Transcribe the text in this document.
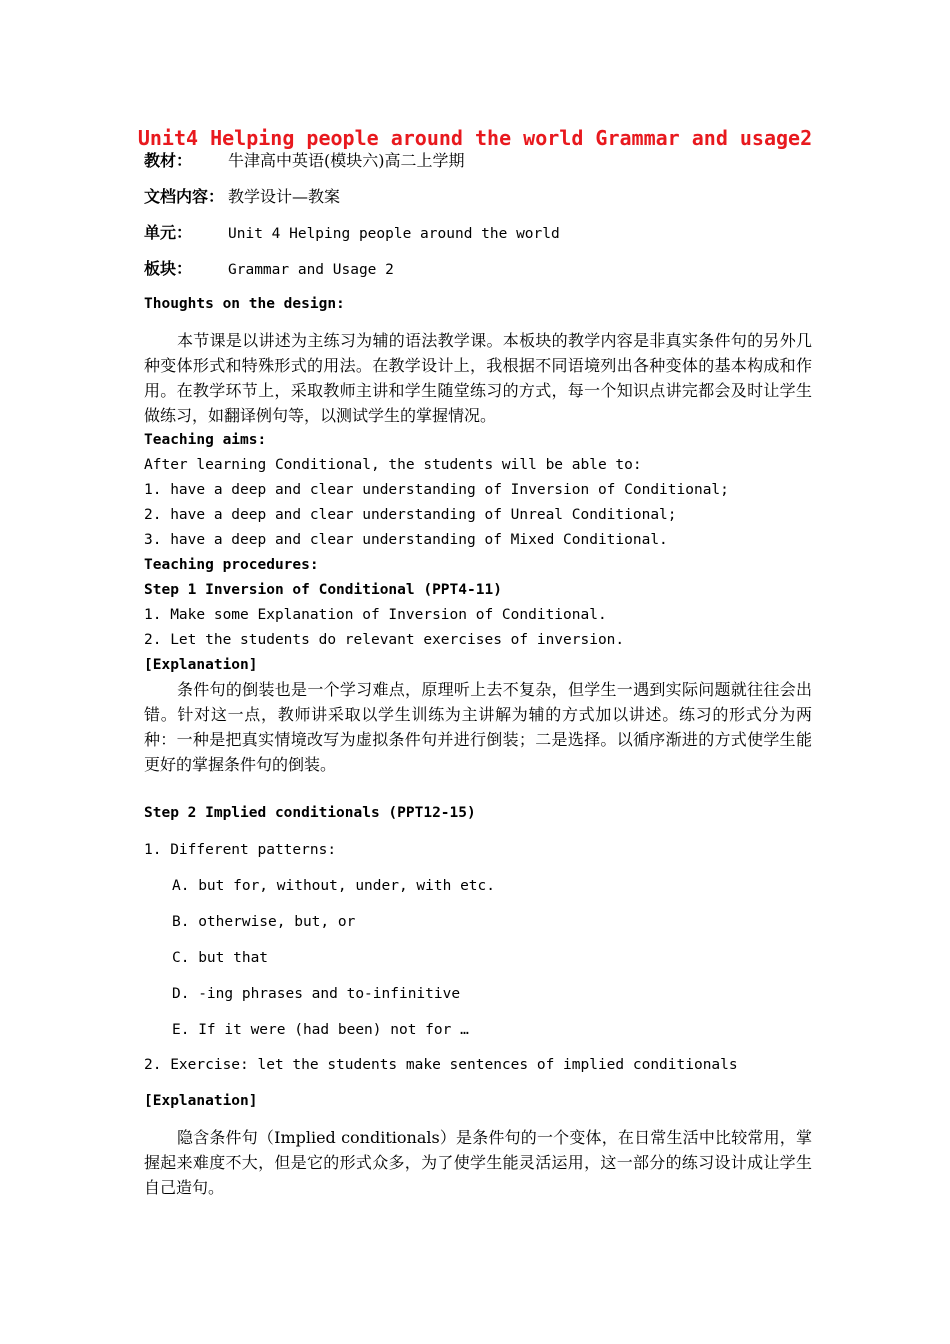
Unit4 Helping people around the world Grammar and usage2
教材： 牛津高中英语(模块六)高二上学期
文档内容： 教学设计—教案
单元： Unit 4 Helping people around the world
板块： Grammar and Usage 2
Thoughts on the design:
本节课是以讲述为主练习为辅的语法教学课。本板块的教学内容是非真实条件句的另外几种变体形式和特殊形式的用法。在教学设计上，我根据不同语境列出各种变体的基本构成和作用。在教学环节上，采取教师主讲和学生随堂练习的方式，每一个知识点讲完都会及时让学生做练习，如翻译例句等，以测试学生的掌握情况。
Teaching aims:
After learning Conditional, the students will be able to:
1. have a deep and clear understanding of Inversion of Conditional;
2. have a deep and clear understanding of Unreal Conditional;
3. have a deep and clear understanding of Mixed Conditional.
Teaching procedures:
Step 1 Inversion of Conditional (PPT4-11)
1. Make some Explanation of Inversion of Conditional.
2. Let the students do relevant exercises of inversion.
[Explanation]
条件句的倒装也是一个学习难点，原理听上去不复杂，但学生一遇到实际问题就往往会出错。针对这一点，教师讲采取以学生训练为主讲解为辅的方式加以讲述。练习的形式分为两种：一种是把真实情境改写为虚拟条件句并进行倒装；二是选择。以循序渐进的方式使学生能更好的掌握条件句的倒装。
Step 2 Implied conditionals (PPT12-15)
1. Different patterns:
A. but for, without, under, with etc.
B. otherwise, but, or
C. but that
D. -ing phrases and to-infinitive
E. If it were (had been) not for …
2. Exercise: let the students make sentences of implied conditionals
[Explanation]
隐含条件句（Implied conditionals）是条件句的一个变体，在日常生活中比较常用，掌握起来难度不大，但是它的形式众多，为了使学生能灵活运用，这一部分的练习设计成让学生自己造句。
